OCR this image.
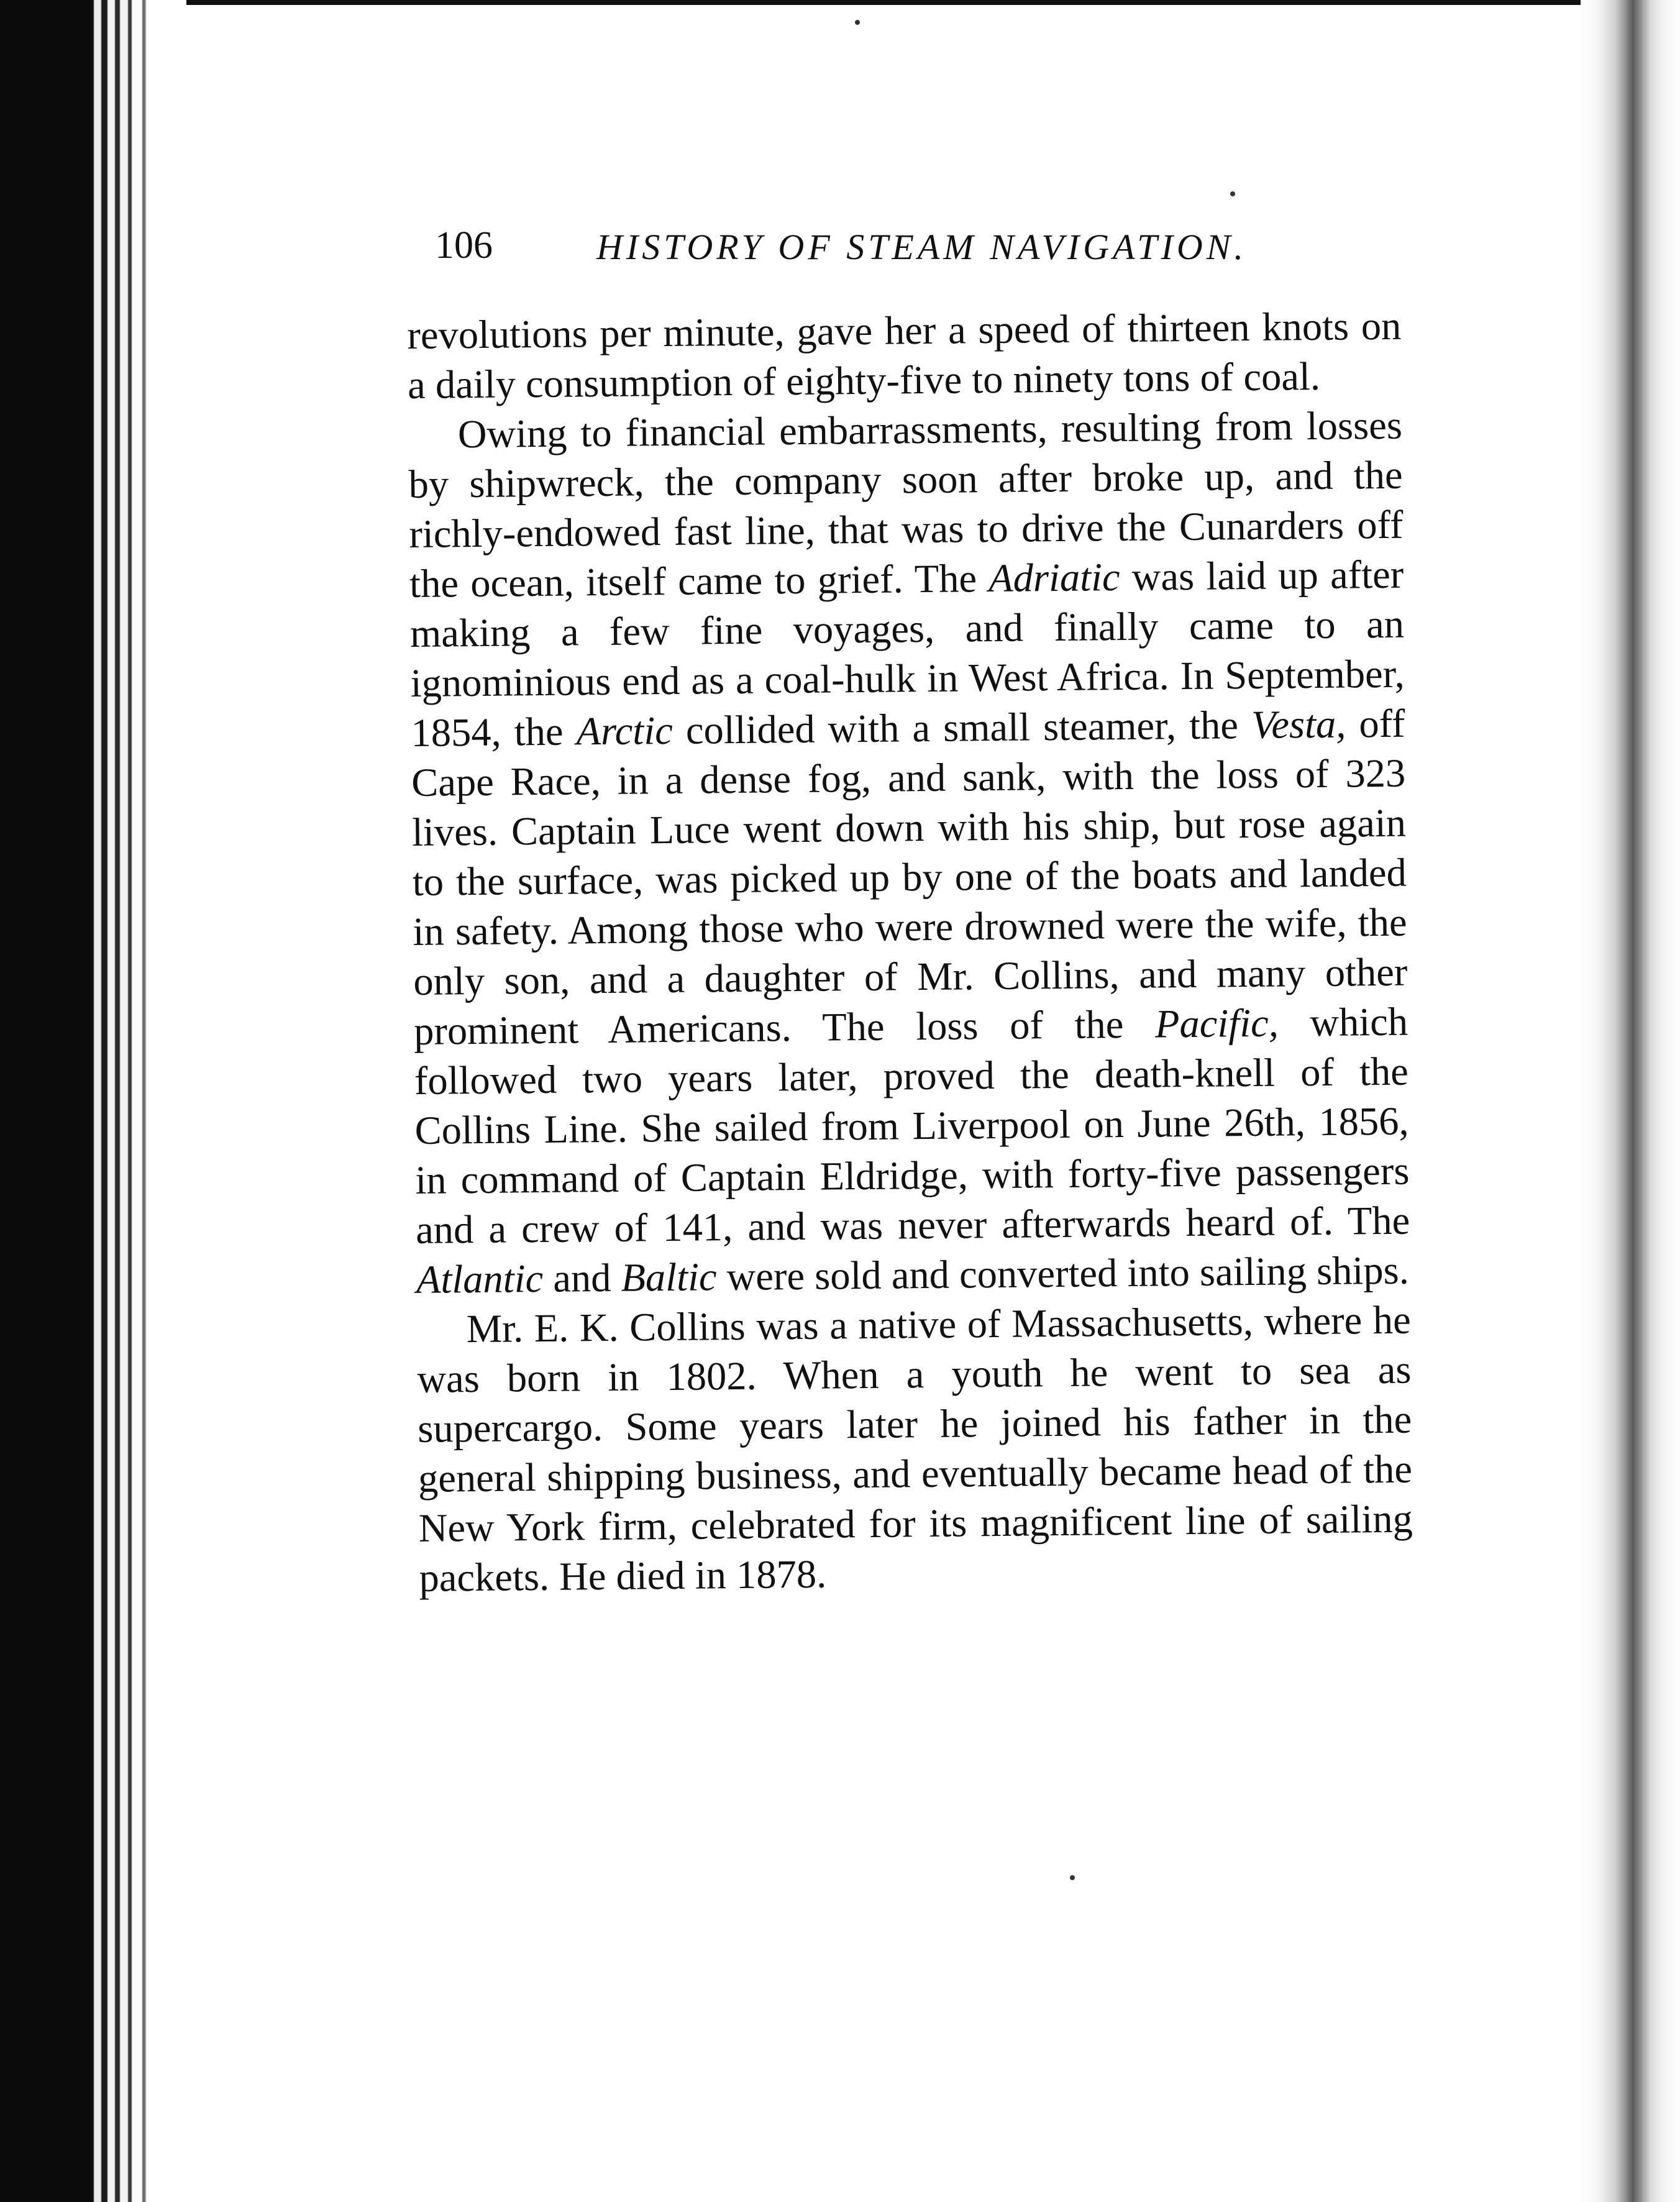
106	HISTORY OF STEAM NAVIGATION.

revolutions per minute, gave her a speed of thirteen knots on a daily consumption of eighty-five to ninety tons of coal.

Owing to financial embarrassments, resulting from losses by shipwreck, the company soon after broke up, and the richly-endowed fast line, that was to drive the Cunarders off the ocean, itself came to grief. The Adriatic was laid up after making a few fine voyages, and finally came to an ignominious end as a coal-hulk in West Africa. In September, 1854, the Arctic collided with a small steamer, the Vesta, off Cape Race, in a dense fog, and sank, with the loss of 323 lives. Captain Luce went down with his ship, but rose again to the surface, was picked up by one of the boats and landed in safety. Among those who were drowned were the wife, the only son, and a daughter of Mr. Collins, and many other prominent Americans. The loss of the Pacific, which followed two years later, proved the death-knell of the Collins Line. She sailed from Liverpool on June 26th, 1856, in command of Captain Eldridge, with forty-five passengers and a crew of 141, and was never afterwards heard of. The Atlantic and Baltic were sold and converted into sailing ships.

Mr. E. K. Collins was a native of Massachusetts, where he was born in 1802. When a youth he went to sea as supercargo. Some years later he joined his father in the general shipping business, and eventually became head of the New York firm, celebrated for its magnificent line of sailing packets. He died in 1878.
